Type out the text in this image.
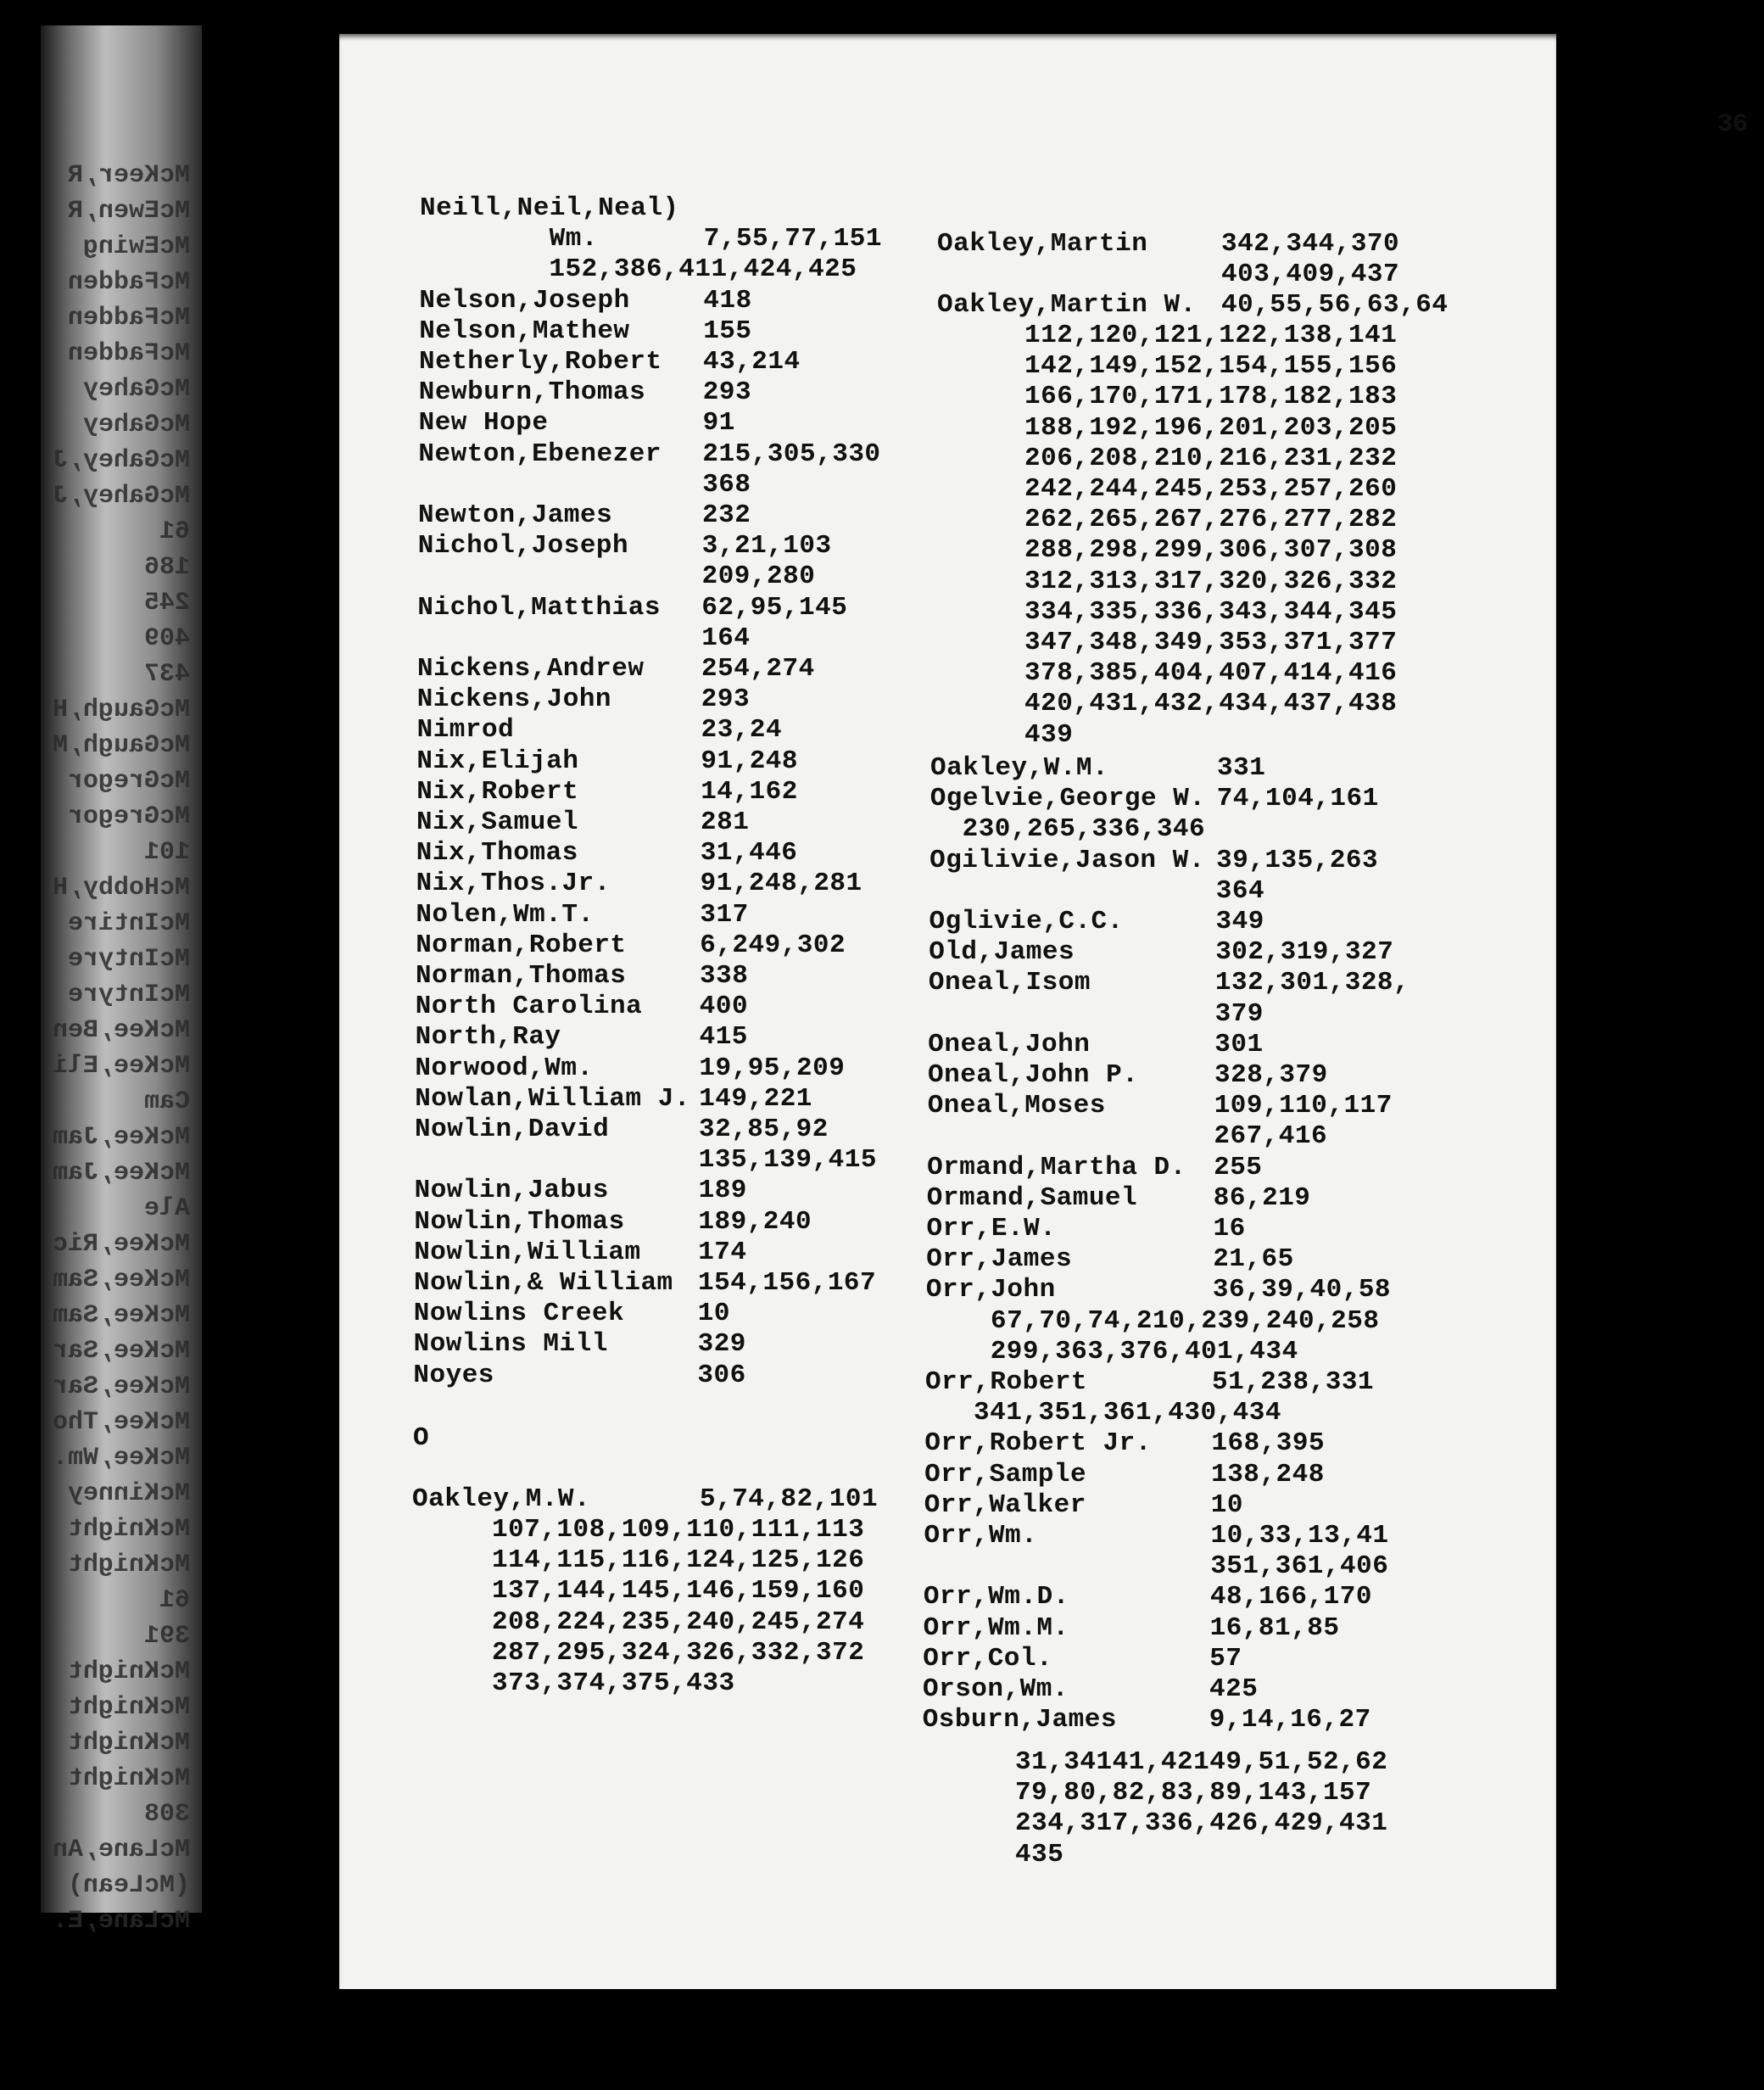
McKeer,R
McEwen,R
McEwing
McFadden
McFadden
McFadden
McGahey
McGahey
McGahey,J
McGahey,J
61
186
245
409
437
McGaugh,H
McGaugh,M
McGregor
McGregor
101
McHobby,H
McIntire
McIntyre
McIntyre
McKee,Ben
McKee,Eli
Cam
McKee,Jam
McKee,Jam
Ale
McKee,Ric
McKee,Sam
McKee,Sam
McKee,Sar
McKee,Sar
McKee,Tho
McKee,Wm.
McKinney
McKnight
McKnight
61
391
McKnight
McKnight
McKnight
McKnight
308
McLane,An
(McLean)
McLane,E.
36
Neill,Neil,Neal)
Wm.	7,55,77,151
152,386,411,424,425
Nelson,Joseph	418
Nelson,Mathew	155
Netherly,Robert 43,214
Newburn,Thomas 293
New Hope	91
Newton,Ebenezer 215,305,330
368
Newton,James	232
Nichol,Joseph	3,21,103
209,280
Nichol,Matthias 62,95,145
164
Nickens,Andrew 254,274
Nickens,John	293
Nimrod	23,24
Nix,Elijah	91,248
Nix,Robert	14,162
Nix,Samuel	281
Nix,Thomas	31,446
Nix,Thos.Jr.	91,248,281
Nolen,Wm.T.	317
Norman,Robert	6,249,302
Norman,Thomas	338
North Carolina 400
North,Ray	415
Norwood,Wm.	19,95,209
Nowlan,William J. 149,221
Nowlin,David	32,85,92
135,139,415
Nowlin,Jabus	189
Nowlin,Thomas	189,240
Nowlin,William 174
Nowlin,& William 154,156,167
Nowlins Creek	10
Nowlins Mill	329
Noyes	306
O
Oakley,M.W.	5,74,82,101
107,108,109,110,111,113
114,115,116,124,125,126
137,144,145,146,159,160
208,224,235,240,245,274
287,295,324,326,332,372
373,374,375,433
Oakley,Martin	342,344,370
403,409,437
Oakley,Martin W. 40,55,56,63,64
112,120,121,122,138,141
142,149,152,154,155,156
166,170,171,178,182,183
188,192,196,201,203,205
206,208,210,216,231,232
242,244,245,253,257,260
262,265,267,276,277,282
288,298,299,306,307,308
312,313,317,320,326,332
334,335,336,343,344,345
347,348,349,353,371,377
378,385,404,407,414,416
420,431,432,434,437,438
439
Oakley,W.M.	331
Ogelvie,George W. 74,104,161
230,265,336,346
Ogilivie,Jason W. 39,135,263
364
Oglivie,C.C.	349
Old,James	302,319,327
Oneal,Isom	132,301,328,
379
Oneal,John	301
Oneal,John P.	328,379
Oneal,Moses	109,110,117
267,416
Ormand,Martha D. 255
Ormand,Samuel	86,219
Orr,E.W.	16
Orr,James	21,65
Orr,John	36,39,40,58
67,70,74,210,239,240,258
299,363,376,401,434
Orr,Robert	51,238,331
341,351,361,430,434
Orr,Robert Jr. 168,395
Orr,Sample	138,248
Orr,Walker	10
Orr,Wm.	10,33,13,41
351,361,406
Orr,Wm.D.	48,166,170
Orr,Wm.M.	16,81,85
Orr,Col.	57
Orson,Wm.	425
Osburn,James	9,14,16,27
31,34141,42149,51,52,62
79,80,82,83,89,143,157
234,317,336,426,429,431
435
